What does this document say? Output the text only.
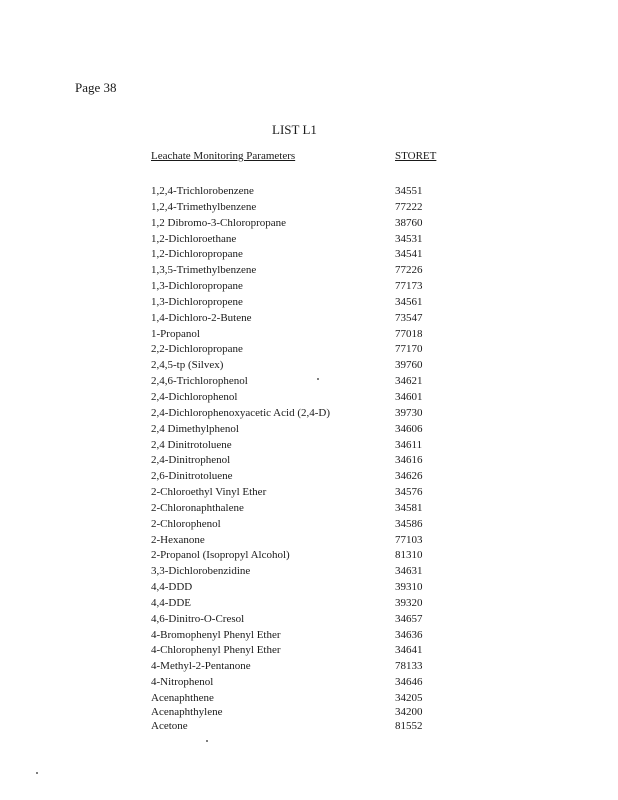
Page 38
LIST L1
Leachate Monitoring Parameters	STORET
1,2,4-Trichlorobenzene	34551
1,2,4-Trimethylbenzene	77222
1,2 Dibromo-3-Chloropropane	38760
1,2-Dichloroethane	34531
1,2-Dichloropropane	34541
1,3,5-Trimethylbenzene	77226
1,3-Dichloropropane	77173
1,3-Dichloropropene	34561
1,4-Dichloro-2-Butene	73547
1-Propanol	77018
2,2-Dichloropropane	77170
2,4,5-tp (Silvex)	39760
2,4,6-Trichlorophenol	34621
2,4-Dichlorophenol	34601
2,4-Dichlorophenoxyacetic Acid (2,4-D)	39730
2,4 Dimethylphenol	34606
2,4 Dinitrotoluene	34611
2,4-Dinitrophenol	34616
2,6-Dinitrotoluene	34626
2-Chloroethyl Vinyl Ether	34576
2-Chloronaphthalene	34581
2-Chlorophenol	34586
2-Hexanone	77103
2-Propanol (Isopropyl Alcohol)	81310
3,3-Dichlorobenzidine	34631
4,4-DDD	39310
4,4-DDE	39320
4,6-Dinitro-O-Cresol	34657
4-Bromophenyl Phenyl Ether	34636
4-Chlorophenyl Phenyl Ether	34641
4-Methyl-2-Pentanone	78133
4-Nitrophenol	34646
Acenaphthene	34205
Acenaphthylene	34200
Acetone	81552
